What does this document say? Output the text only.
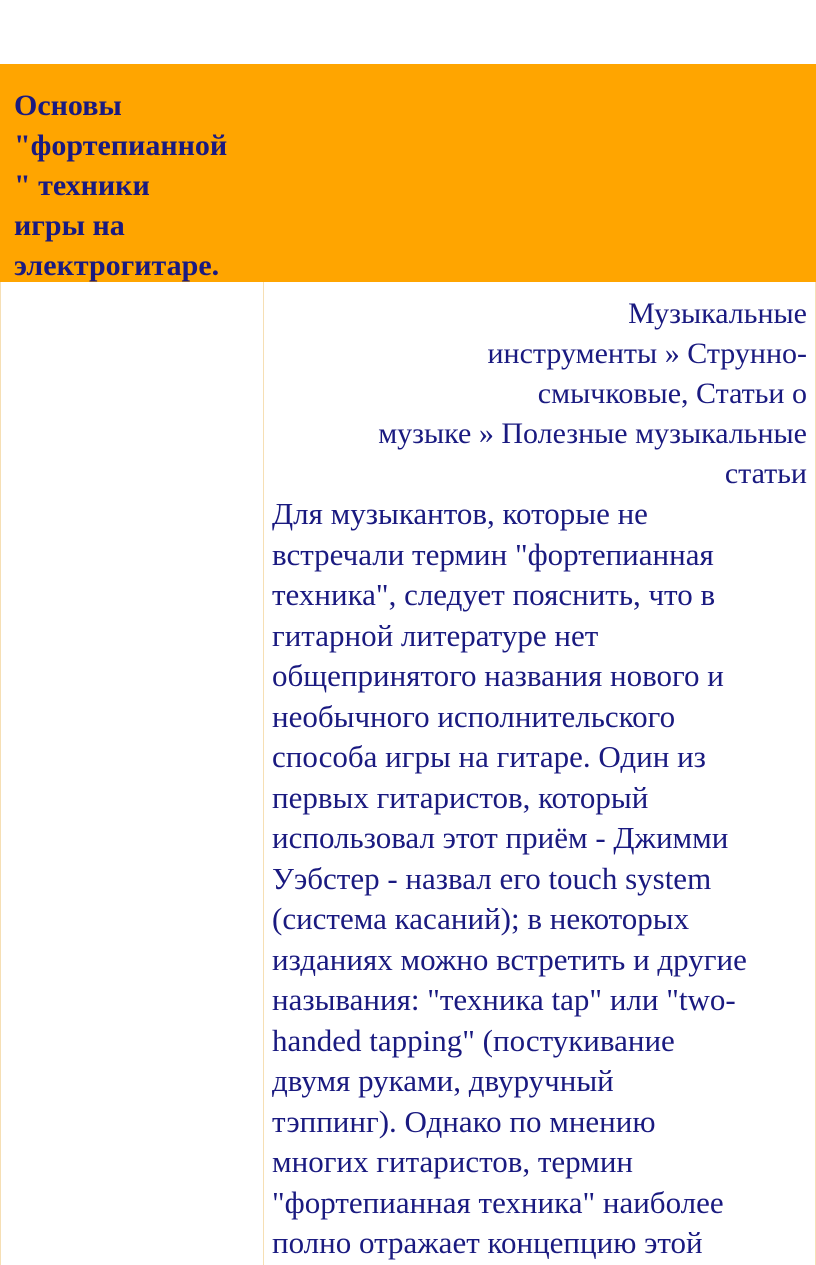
Основы
"фортепианной
" техники
игры на
электрогитаре.

Музыкальные
инструменты » Струнно-
смычковые, Статьи о
музыке » Полезные музыкальные
статьи

Для музыкантов, которые не
встречали термин "фортепианная
техника", следует пояснить, что в
гитарной литературе нет
общепринятого названия нового и
необычного исполнительского
способа игры на гитаре. Один из
первых гитаристов, который
использовал этот приём - Джимми
Уэбстер - назвал его touch system
(система касаний); в некоторых
изданиях можно встретить и другие
называния: "техника tap" или "two-
handed tapping" (постукивание
двумя руками, двуручный
тэппинг). Однако по мнению
многих гитаристов, термин
"фортепианная техника" наиболее
полно отражает концепцию этой
